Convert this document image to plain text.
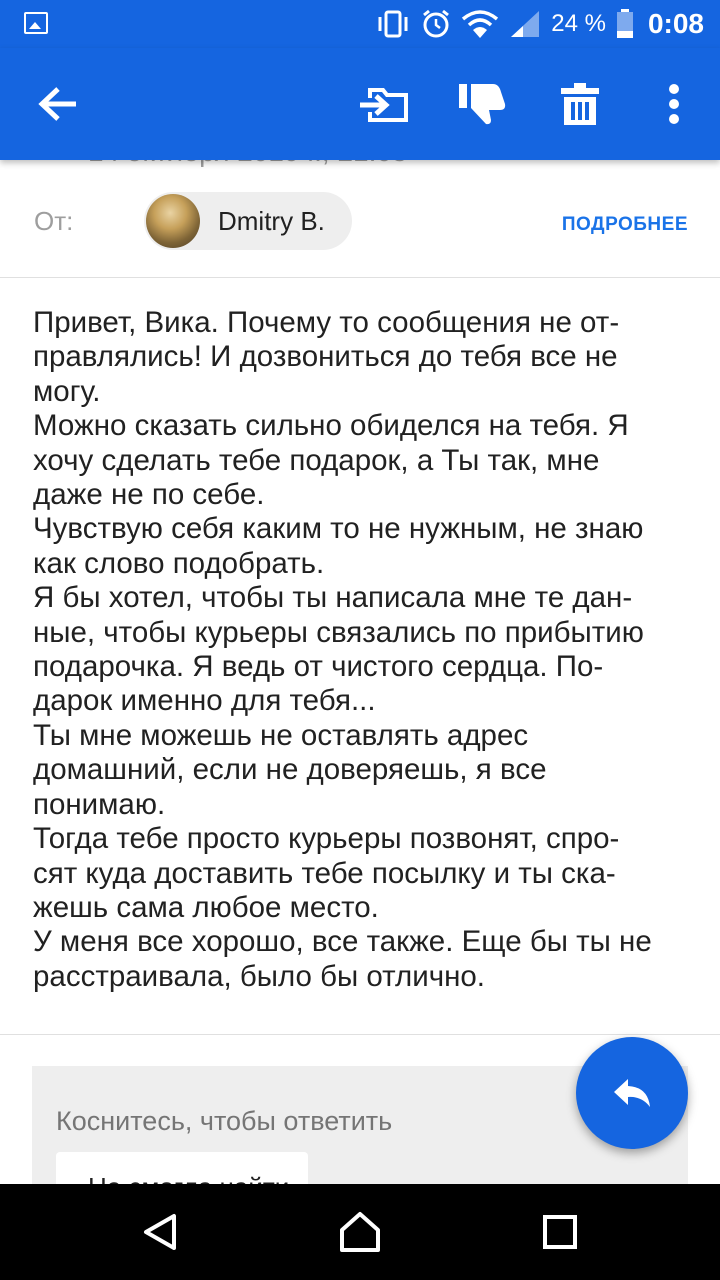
24 % 0:08
От:	Dmitry B.	ПОДРОБНЕЕ

Привет, Вика. Почему то сообщения не от-

правлялись! И дозвониться до тебя все не

могу.

Можно сказать сильно обиделся на тебя. Я

хочу сделать тебе подарок, а Ты так, мне

даже не по себе.

Чувствую себя каким то не нужным, не знаю

как слово подобрать.

Я бы хотел, чтобы ты написала мне те дан-

ные, чтобы курьеры связались по прибытию

подарочка. Я ведь от чистого сердца. По-

дарок именно для тебя...

Ты мне можешь не оставлять адрес

домашний, если не доверяешь, я все

понимаю.

Тогда тебе просто курьеры позвонят, спро-

сят куда доставить тебе посылку и ты ска-

жешь сама любое место.

У меня все хорошо, все также. Еще бы ты не

расстраивала, было бы отлично.

Коснитесь, чтобы ответить
